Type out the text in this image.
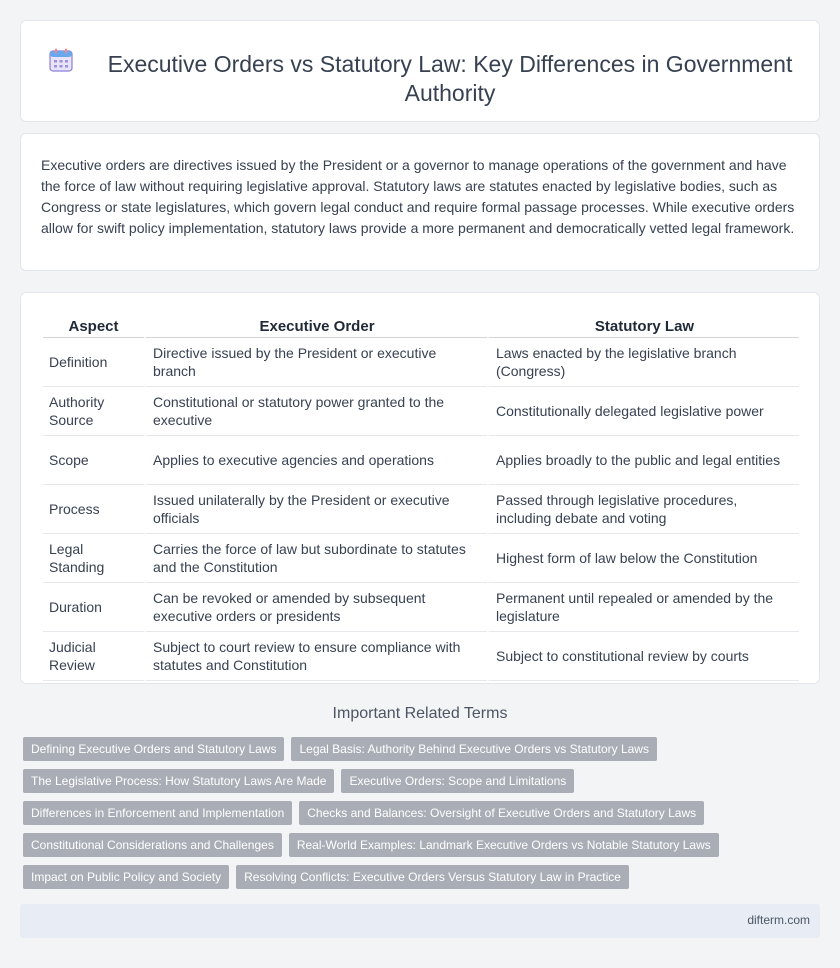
Executive Orders vs Statutory Law: Key Differences in Government Authority

Executive orders are directives issued by the President or a governor to manage operations of the government and have the force of law without requiring legislative approval. Statutory laws are statutes enacted by legislative bodies, such as Congress or state legislatures, which govern legal conduct and require formal passage processes. While executive orders allow for swift policy implementation, statutory laws provide a more permanent and democratically vetted legal framework.

Aspect	Executive Order	Statutory Law
Definition	Directive issued by the President or executive branch	Laws enacted by the legislative branch (Congress)
Authority Source	Constitutional or statutory power granted to the executive	Constitutionally delegated legislative power
Scope	Applies to executive agencies and operations	Applies broadly to the public and legal entities
Process	Issued unilaterally by the President or executive officials	Passed through legislative procedures, including debate and voting
Legal Standing	Carries the force of law but subordinate to statutes and the Constitution	Highest form of law below the Constitution
Duration	Can be revoked or amended by subsequent executive orders or presidents	Permanent until repealed or amended by the legislature
Judicial Review	Subject to court review to ensure compliance with statutes and Constitution	Subject to constitutional review by courts
Important Related Terms
Defining Executive Orders and Statutory Laws	Legal Basis: Authority Behind Executive Orders vs Statutory Laws
The Legislative Process: How Statutory Laws Are Made	Executive Orders: Scope and Limitations
Differences in Enforcement and Implementation	Checks and Balances: Oversight of Executive Orders and Statutory Laws
Constitutional Considerations and Challenges	Real-World Examples: Landmark Executive Orders vs Notable Statutory Laws
Impact on Public Policy and Society	Resolving Conflicts: Executive Orders Versus Statutory Law in Practice
difterm.com
